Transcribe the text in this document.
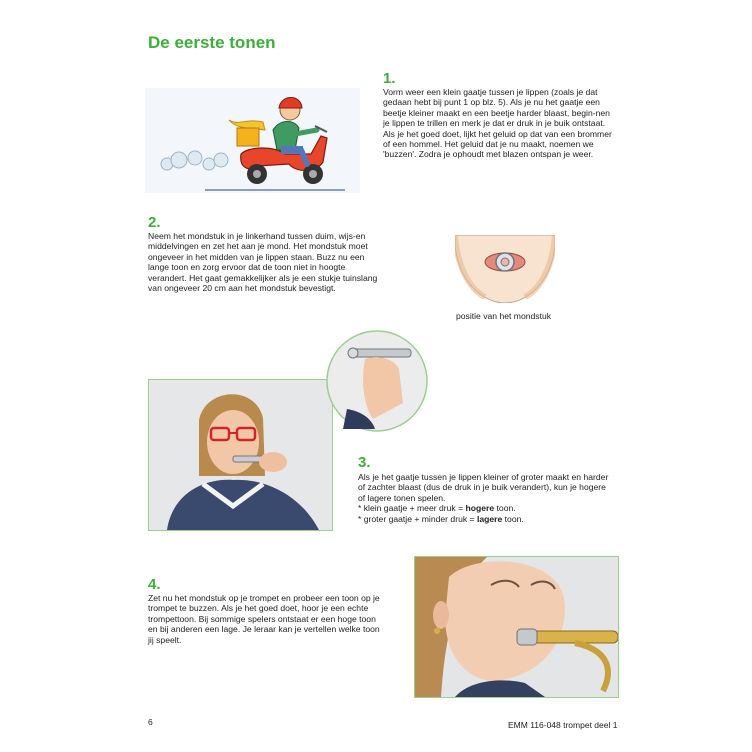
De eerste tonen
1.
Vorm weer een klein gaatje tussen je lippen (zoals je dat gedaan hebt bij punt 1 op blz. 5). Als je nu het gaatje een beetje kleiner maakt en een beetje harder blaast, begin-nen je lippen te trillen en merk je dat er druk in je buik ontstaat. Als je het goed doet, lijkt het geluid op dat van een brommer of een hommel. Het geluid dat je nu maakt, noemen we 'buzzen'. Zodra je ophoudt met blazen ontspan je weer.
2.
Neem het mondstuk in je linkerhand tussen duim, wijs-en middelvingen en zet het aan je mond. Het mondstuk moet ongeveer in het midden van je lippen staan. Buzz nu een lange toon en zorg ervoor dat de toon niet in hoogte verandert. Het gaat gemakkelijker als je een stukje tuinslang van ongeveer 20 cm aan het mondstuk bevestigt.
positie van het mondstuk
3.
Als je het gaatje tussen je lippen kleiner of groter maakt en harder of zachter blaast (dus de druk in je buik verandert), kun je hogere of lagere tonen spelen.
* klein gaatje + meer druk = hogere toon.
* groter gaatje + minder druk = lagere toon.
4.
Zet nu het mondstuk op je trompet en probeer een toon op je trompet te buzzen. Als je het goed doet, hoor je een echte trompettoon. Bij sommige spelers ontstaat er een hoge toon en bij anderen een lage. Je leraar kan je vertellen welke toon jij speelt.
6	EMM 116-048 trompet deel 1
